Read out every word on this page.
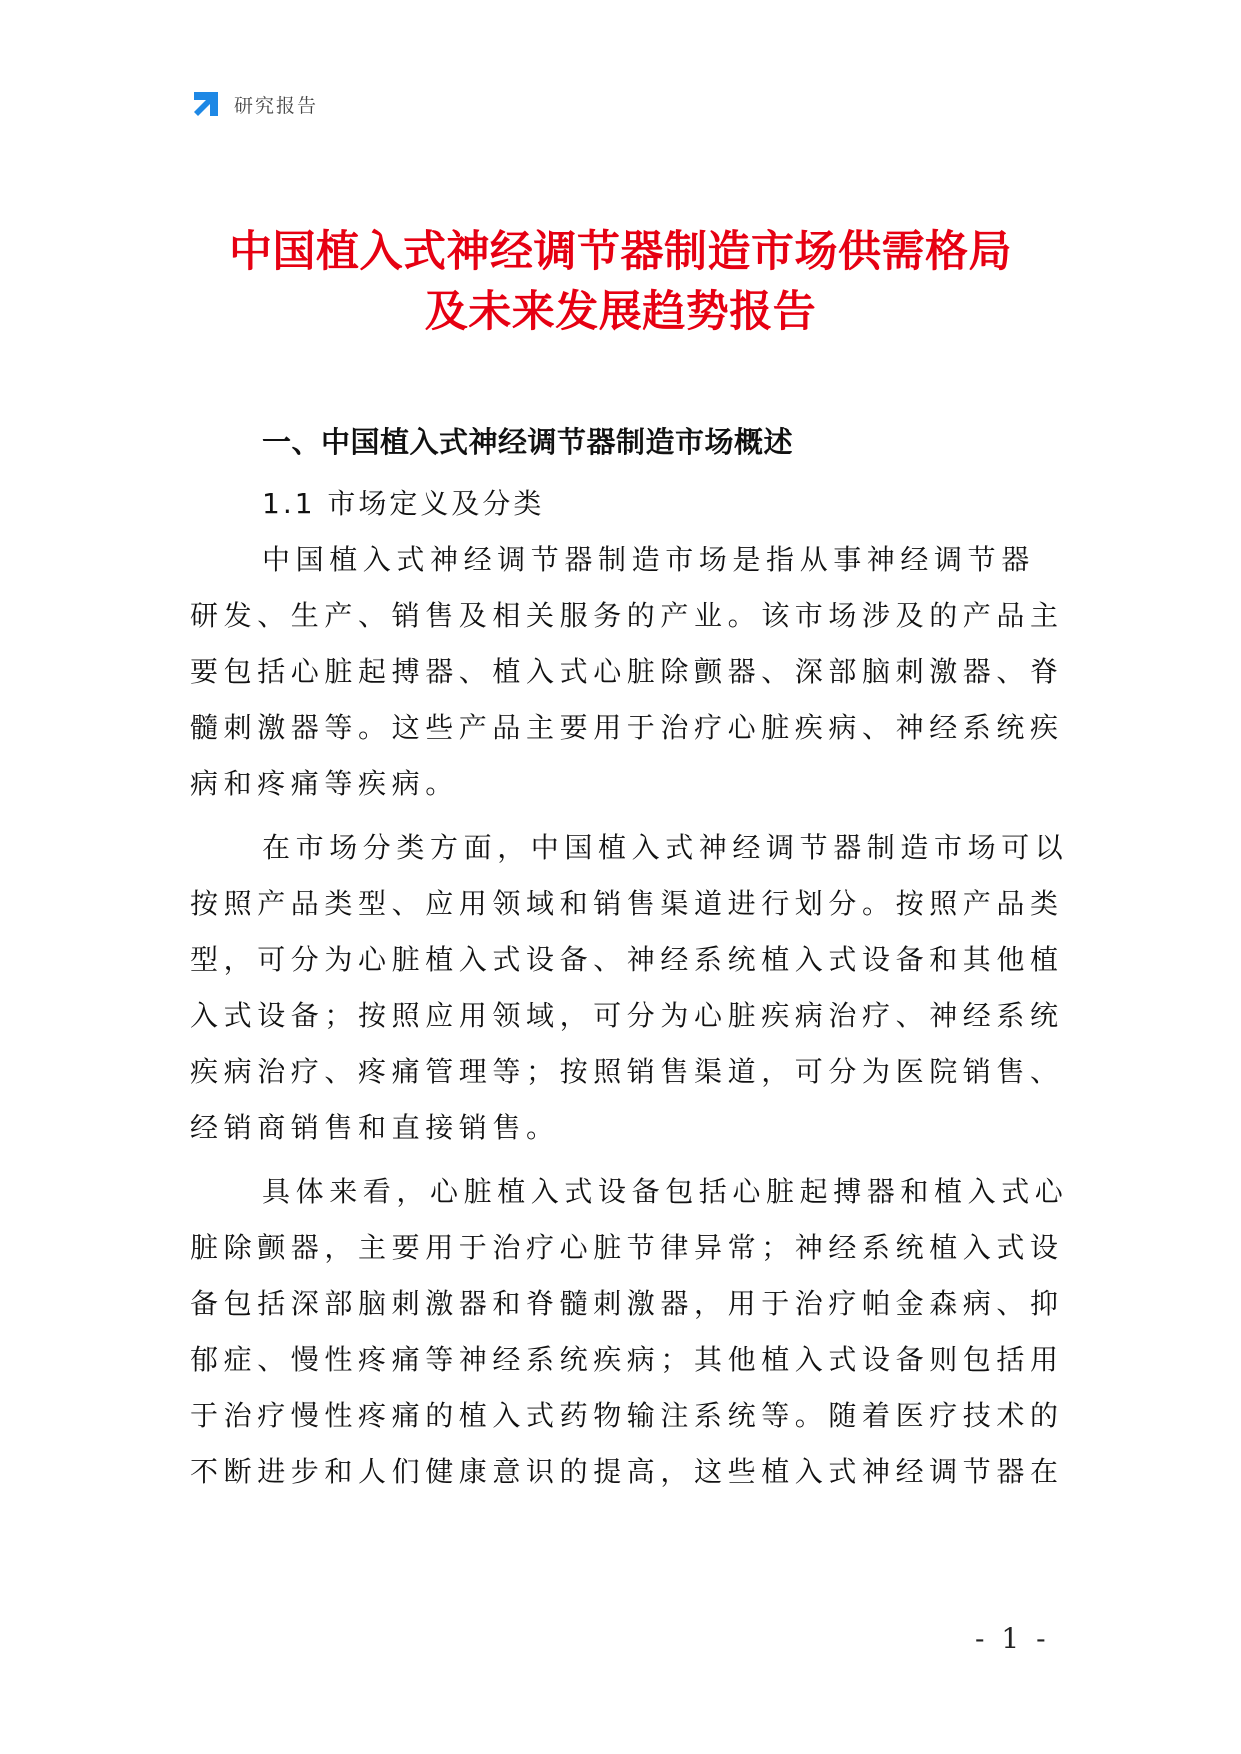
研究报告
中国植入式神经调节器制造市场供需格局
及未来发展趋势报告
一、中国植入式神经调节器制造市场概述
1.1 市场定义及分类
中国植入式神经调节器制造市场是指从事神经调节器
研发、生产、销售及相关服务的产业。该市场涉及的产品主
要包括心脏起搏器、植入式心脏除颤器、深部脑刺激器、脊
髓刺激器等。这些产品主要用于治疗心脏疾病、神经系统疾
病和疼痛等疾病。
在市场分类方面，中国植入式神经调节器制造市场可以
按照产品类型、应用领域和销售渠道进行划分。按照产品类
型，可分为心脏植入式设备、神经系统植入式设备和其他植
入式设备；按照应用领域，可分为心脏疾病治疗、神经系统
疾病治疗、疼痛管理等；按照销售渠道，可分为医院销售、
经销商销售和直接销售。
具体来看，心脏植入式设备包括心脏起搏器和植入式心
脏除颤器，主要用于治疗心脏节律异常；神经系统植入式设
备包括深部脑刺激器和脊髓刺激器，用于治疗帕金森病、抑
郁症、慢性疼痛等神经系统疾病；其他植入式设备则包括用
于治疗慢性疼痛的植入式药物输注系统等。随着医疗技术的
不断进步和人们健康意识的提高，这些植入式神经调节器在
- 1 -
